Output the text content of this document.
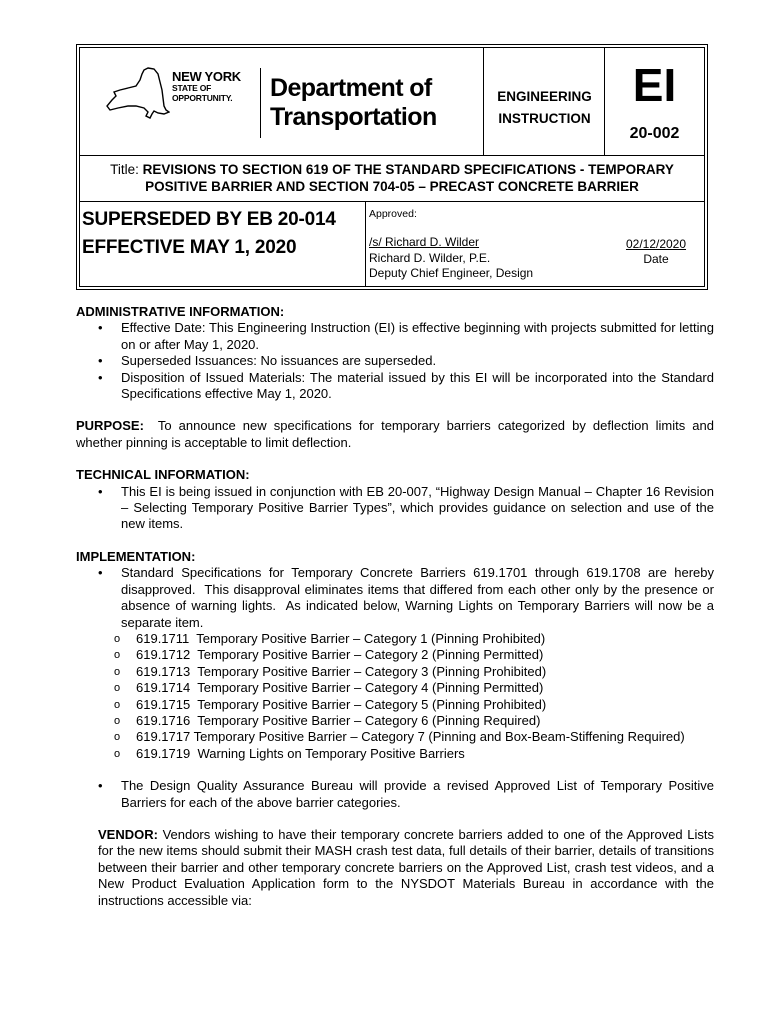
NEW YORK
STATE OF
OPPORTUNITY.	Department of
Transportation
ENGINEERING
INSTRUCTION
EI
20-002
Title: REVISIONS TO SECTION 619 OF THE STANDARD SPECIFICATIONS - TEMPORARY POSITIVE BARRIER AND SECTION 704-05 – PRECAST CONCRETE BARRIER
SUPERSEDED BY EB 20-014
EFFECTIVE MAY 1, 2020
Approved:
/s/ Richard D. Wilder
Richard D. Wilder, P.E.
Deputy Chief Engineer, Design
02/12/2020
Date
ADMINISTRATIVE INFORMATION:
• Effective Date: This Engineering Instruction (EI) is effective beginning with projects submitted for letting on or after May 1, 2020.
• Superseded Issuances: No issuances are superseded.
• Disposition of Issued Materials: The material issued by this EI will be incorporated into the Standard Specifications effective May 1, 2020.
PURPOSE: To announce new specifications for temporary barriers categorized by deflection limits and whether pinning is acceptable to limit deflection.
TECHNICAL INFORMATION:
• This EI is being issued in conjunction with EB 20-007, “Highway Design Manual – Chapter 16 Revision – Selecting Temporary Positive Barrier Types”, which provides guidance on selection and use of the new items.
IMPLEMENTATION:
• Standard Specifications for Temporary Concrete Barriers 619.1701 through 619.1708 are hereby disapproved.  This disapproval eliminates items that differed from each other only by the presence or absence of warning lights.  As indicated below, Warning Lights on Temporary Barriers will now be a separate item.
o 619.1711  Temporary Positive Barrier – Category 1 (Pinning Prohibited)
o 619.1712  Temporary Positive Barrier – Category 2 (Pinning Permitted)
o 619.1713  Temporary Positive Barrier – Category 3 (Pinning Prohibited)
o 619.1714  Temporary Positive Barrier – Category 4 (Pinning Permitted)
o 619.1715  Temporary Positive Barrier – Category 5 (Pinning Prohibited)
o 619.1716  Temporary Positive Barrier – Category 6 (Pinning Required)
o 619.1717 Temporary Positive Barrier – Category 7 (Pinning and Box-Beam-Stiffening Required)
o 619.1719  Warning Lights on Temporary Positive Barriers
• The Design Quality Assurance Bureau will provide a revised Approved List of Temporary Positive Barriers for each of the above barrier categories.
VENDOR: Vendors wishing to have their temporary concrete barriers added to one of the Approved Lists for the new items should submit their MASH crash test data, full details of their barrier, details of transitions between their barrier and other temporary concrete barriers on the Approved List, crash test videos, and a New Product Evaluation Application form to the NYSDOT Materials Bureau in accordance with the instructions accessible via:
